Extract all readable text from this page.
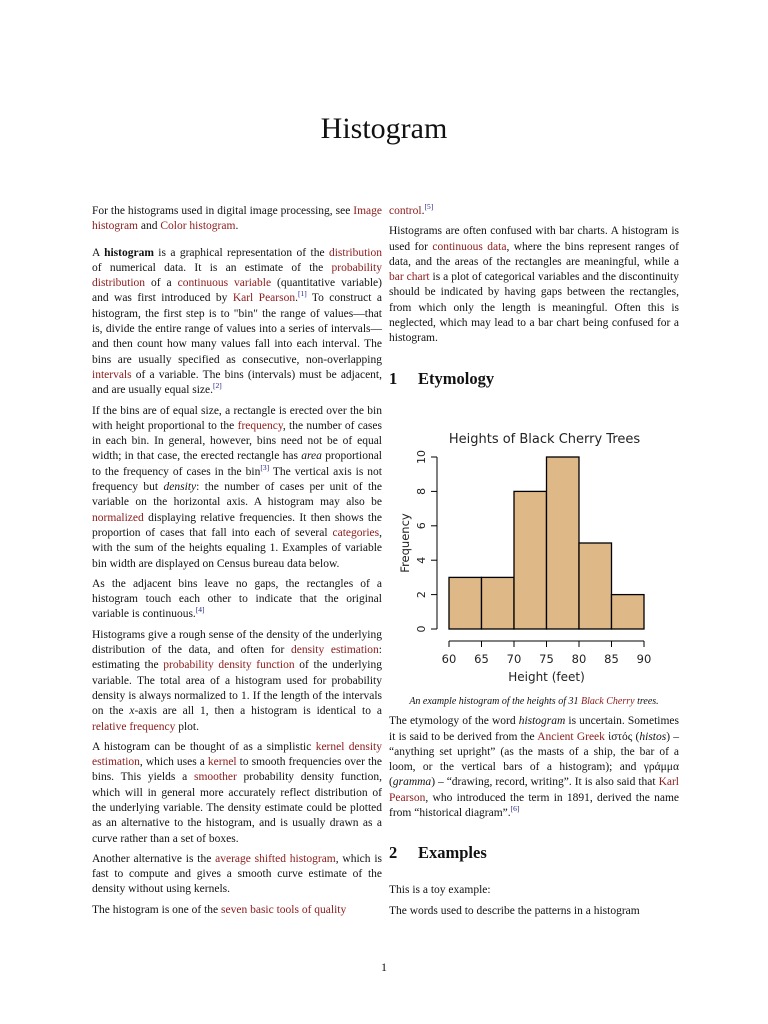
Histogram

For the histograms used in digital image processing, see Image histogram and Color histogram.

A histogram is a graphical representation of the distribution of numerical data. It is an estimate of the probability distribution of a continuous variable (quantitative variable) and was first introduced by Karl Pearson.[1] To construct a histogram, the first step is to "bin" the range of values—that is, divide the entire range of values into a series of intervals—and then count how many values fall into each interval. The bins are usually specified as consecutive, non-overlapping intervals of a variable. The bins (intervals) must be adjacent, and are usually equal size.[2]

If the bins are of equal size, a rectangle is erected over the bin with height proportional to the frequency, the number of cases in each bin. In general, however, bins need not be of equal width; in that case, the erected rectangle has area proportional to the frequency of cases in the bin[3] The vertical axis is not frequency but density: the number of cases per unit of the variable on the horizontal axis. A histogram may also be normalized displaying relative frequencies. It then shows the proportion of cases that fall into each of several categories, with the sum of the heights equaling 1. Examples of variable bin width are displayed on Census bureau data below.

As the adjacent bins leave no gaps, the rectangles of a histogram touch each other to indicate that the original variable is continuous.[4]

Histograms give a rough sense of the density of the underlying distribution of the data, and often for density estimation: estimating the probability density function of the underlying variable. The total area of a histogram used for probability density is always normalized to 1. If the length of the intervals on the x-axis are all 1, then a histogram is identical to a relative frequency plot.

A histogram can be thought of as a simplistic kernel density estimation, which uses a kernel to smooth frequencies over the bins. This yields a smoother probability density function, which will in general more accurately reflect distribution of the underlying variable. The density estimate could be plotted as an alternative to the histogram, and is usually drawn as a curve rather than a set of boxes.

Another alternative is the average shifted histogram, which is fast to compute and gives a smooth curve estimate of the density without using kernels.

The histogram is one of the seven basic tools of quality

control.[5]

Histograms are often confused with bar charts. A histogram is used for continuous data, where the bins represent ranges of data, and the areas of the rectangles are meaningful, while a bar chart is a plot of categorical variables and the discontinuity should be indicated by having gaps between the rectangles, from which only the length is meaningful. Often this is neglected, which may lead to a bar chart being confused for a histogram.

1 Etymology
Heights of Black Cherry Trees
0
2
4
6
8
10
Frequency
60 65 70 75 80 85 90
Height (feet)

An example histogram of the heights of 31 Black Cherry trees.

The etymology of the word histogram is uncertain. Sometimes it is said to be derived from the Ancient Greek ἱστός (histos) – “anything set upright” (as the masts of a ship, the bar of a loom, or the vertical bars of a histogram); and γράμμα (gramma) – “drawing, record, writing”. It is also said that Karl Pearson, who introduced the term in 1891, derived the name from “historical diagram”.[6]

2 Examples

This is a toy example:

The words used to describe the patterns in a histogram

1
